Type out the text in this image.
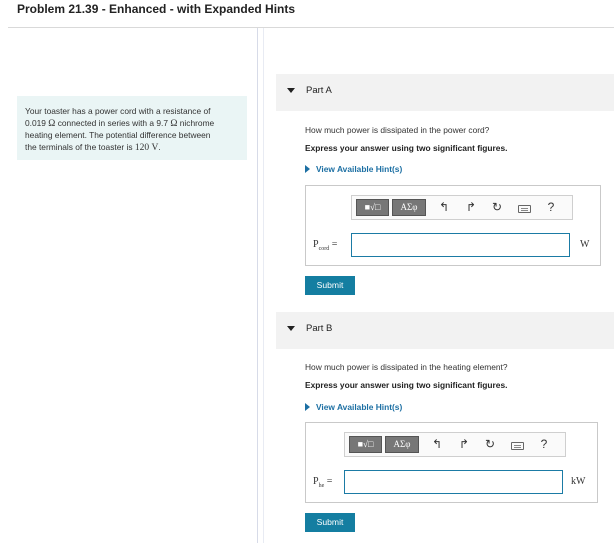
Problem 21.39 - Enhanced - with Expanded Hints
Your toaster has a power cord with a resistance of
0.019 Ω connected in series with a 9.7 Ω nichrome
heating element. The potential difference between
the terminals of the toaster is 120 V.
Part A
How much power is dissipated in the power cord?
Express your answer using two significant figures.
View Available Hint(s)
■√□	ΑΣφ	↰ ↱ ↻	?
$P_{cord}$ =	W
Submit
Part B
How much power is dissipated in the heating element?
Express your answer using two significant figures.
View Available Hint(s)
■√□	ΑΣφ	↰ ↱ ↻	?
$P_{he}$ =	kW
Submit
